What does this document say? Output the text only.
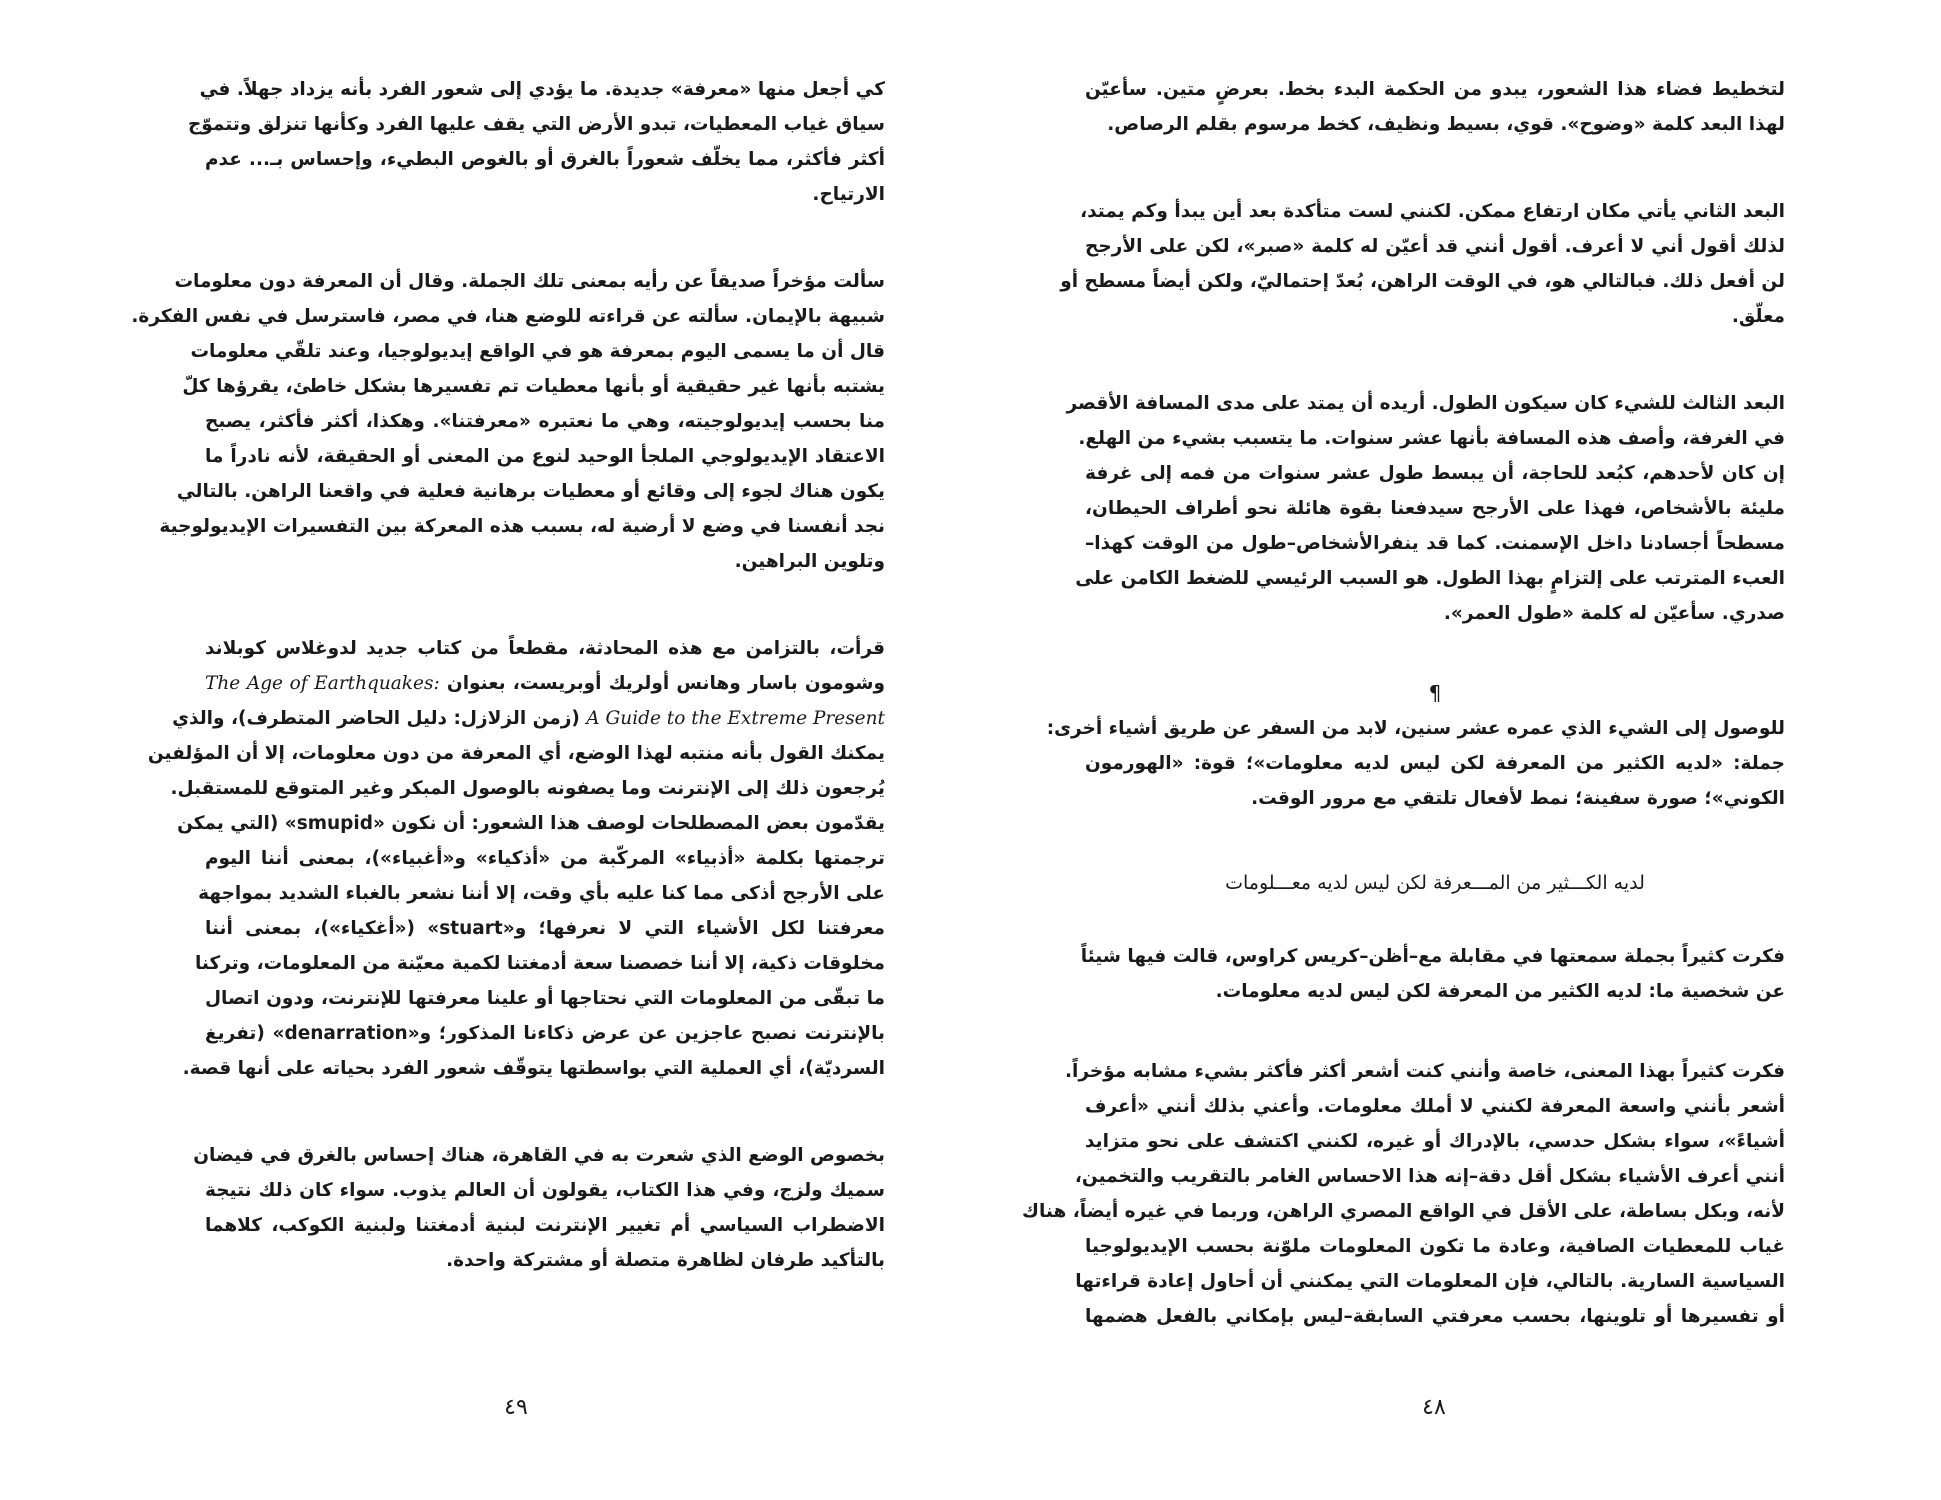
كي أجعل منها «معرفة» جديدة. ما يؤدي إلى شعور الفرد بأنه يزداد جهلاً. في
سياق غياب المعطيات، تبدو الأرض التي يقف عليها الفرد وكأنها تنزلق وتتموّج
أكثر فأكثر، مما يخلّف شعوراً بالغرق أو بالغوص البطيء، وإحساس بـ... عدم
الارتياح.
سألت مؤخراً صديقاً عن رأيه بمعنى تلك الجملة. وقال أن المعرفة دون معلومات
شبيهة بالإيمان. سألته عن قراءته للوضع هنا، في مصر، فاسترسل في نفس الفكرة.
قال أن ما يسمى اليوم بمعرفة هو في الواقع إيديولوجيا، وعند تلقّي معلومات
يشتبه بأنها غير حقيقية أو بأنها معطيات تم تفسيرها بشكل خاطئ، يقرؤها كلّ
منا بحسب إيديولوجيته، وهي ما نعتبره «معرفتنا». وهكذا، أكثر فأكثر، يصبح
الاعتقاد الإيديولوجي الملجأ الوحيد لنوع من المعنى أو الحقيقة، لأنه نادراً ما
يكون هناك لجوء إلى وقائع أو معطيات برهانية فعلية في واقعنا الراهن. بالتالي
نجد أنفسنا في وضع لا أرضية له، بسبب هذه المعركة بين التفسيرات الإيديولوجية
وتلوين البراهين.
قرأت، بالتزامن مع هذه المحادثة، مقطعاً من كتاب جديد لدوغلاس كوبلاند
وشومون باسار وهانس أولريك أوبريست، بعنوان The Age of Earthquakes:
A Guide to the Extreme Present (زمن الزلازل: دليل الحاضر المتطرف)، والذي
يمكنك القول بأنه منتبه لهذا الوضع، أي المعرفة من دون معلومات، إلا أن المؤلفين
يُرجعون ذلك إلى الإنترنت وما يصفونه بالوصول المبكر وغير المتوقع للمستقبل.
يقدّمون بعض المصطلحات لوصف هذا الشعور: أن نكون «smupid» (التي يمكن
ترجمتها بكلمة «أذبياء» المركّبة من «أذكياء» و«أغبياء»)، بمعنى أننا اليوم
على الأرجح أذكى مما كنا عليه بأي وقت، إلا أننا نشعر بالغباء الشديد بمواجهة
معرفتنا لكل الأشياء التي لا نعرفها؛ و«stuart» («أغكياء»)، بمعنى أننا
مخلوقات ذكية، إلا أننا خصصنا سعة أدمغتنا لكمية معيّنة من المعلومات، وتركنا
ما تبقّى من المعلومات التي نحتاجها أو علينا معرفتها للإنترنت، ودون اتصال
بالإنترنت نصبح عاجزين عن عرض ذكاءنا المذكور؛ و«denarration» (تفريغ
السرديّة)، أي العملية التي بواسطتها يتوقّف شعور الفرد بحياته على أنها قصة.
بخصوص الوضع الذي شعرت به في القاهرة، هناك إحساس بالغرق في فيضان
سميك ولزج، وفي هذا الكتاب، يقولون أن العالم يذوب. سواء كان ذلك نتيجة
الاضطراب السياسي أم تغيير الإنترنت لبنية أدمغتنا ولبنية الكوكب، كلاهما
بالتأكيد طرفان لظاهرة متصلة أو مشتركة واحدة.
٤٩
لتخطيط فضاء هذا الشعور، يبدو من الحكمة البدء بخط. بعرضٍ متين. سأعيّن
لهذا البعد كلمة «وضوح». قوي، بسيط ونظيف، كخط مرسوم بقلم الرصاص.
البعد الثاني يأتي مكان ارتفاع ممكن. لكنني لست متأكدة بعد أين يبدأ وكم يمتد،
لذلك أقول أني لا أعرف. أقول أنني قد أعيّن له كلمة «صبر»، لكن على الأرجح
لن أفعل ذلك. فبالتالي هو، في الوقت الراهن، بُعدّ إحتماليّ، ولكن أيضاً مسطح أو
معلّق.
البعد الثالث للشيء كان سيكون الطول. أريده أن يمتد على مدى المسافة الأقصر
في الغرفة، وأصف هذه المسافة بأنها عشر سنوات. ما يتسبب بشيء من الهلع.
إن كان لأحدهم، كبُعد للحاجة، أن يبسط طول عشر سنوات من فمه إلى غرفة
مليئة بالأشخاص، فهذا على الأرجح سيدفعنا بقوة هائلة نحو أطراف الحيطان،
مسطحاً أجسادنا داخل الإسمنت. كما قد ينفرالأشخاص–طول من الوقت كهذا–
العبء المترتب على إلتزامٍ بهذا الطول. هو السبب الرئيسي للضغط الكامن على
صدري. سأعيّن له كلمة «طول العمر».
¶
للوصول إلى الشيء الذي عمره عشر سنين، لابد من السفر عن طريق أشياء أخرى:
جملة: «لديه الكثير من المعرفة لكن ليس لديه معلومات»؛ قوة: «الهورمون
الكوني»؛ صورة سفينة؛ نمط لأفعال تلتقي مع مرور الوقت.
لديه الكـــثير من المـــعرفة لكن ليس لديه معـــلومات
فكرت كثيراً بجملة سمعتها في مقابلة مع–أظن–كريس كراوس، قالت فيها شيئاً
عن شخصية ما: لديه الكثير من المعرفة لكن ليس لديه معلومات.
فكرت كثيراً بهذا المعنى، خاصة وأنني كنت أشعر أكثر فأكثر بشيء مشابه مؤخراً.
أشعر بأنني واسعة المعرفة لكنني لا أملك معلومات. وأعني بذلك أنني «أعرف
أشياءً»، سواء بشكل حدسي، بالإدراك أو غيره، لكنني اكتشف على نحو متزايد
أنني أعرف الأشياء بشكل أقل دقة–إنه هذا الاحساس الغامر بالتقريب والتخمين،
لأنه، وبكل بساطة، على الأقل في الواقع المصري الراهن، وربما في غيره أيضاً، هناك
غياب للمعطيات الصافية، وعادة ما تكون المعلومات ملوّنة بحسب الإيديولوجيا
السياسية السارية. بالتالي، فإن المعلومات التي يمكنني أن أحاول إعادة قراءتها
أو تفسيرها أو تلوينها، بحسب معرفتي السابقة–ليس بإمكاني بالفعل هضمها
٤٨
